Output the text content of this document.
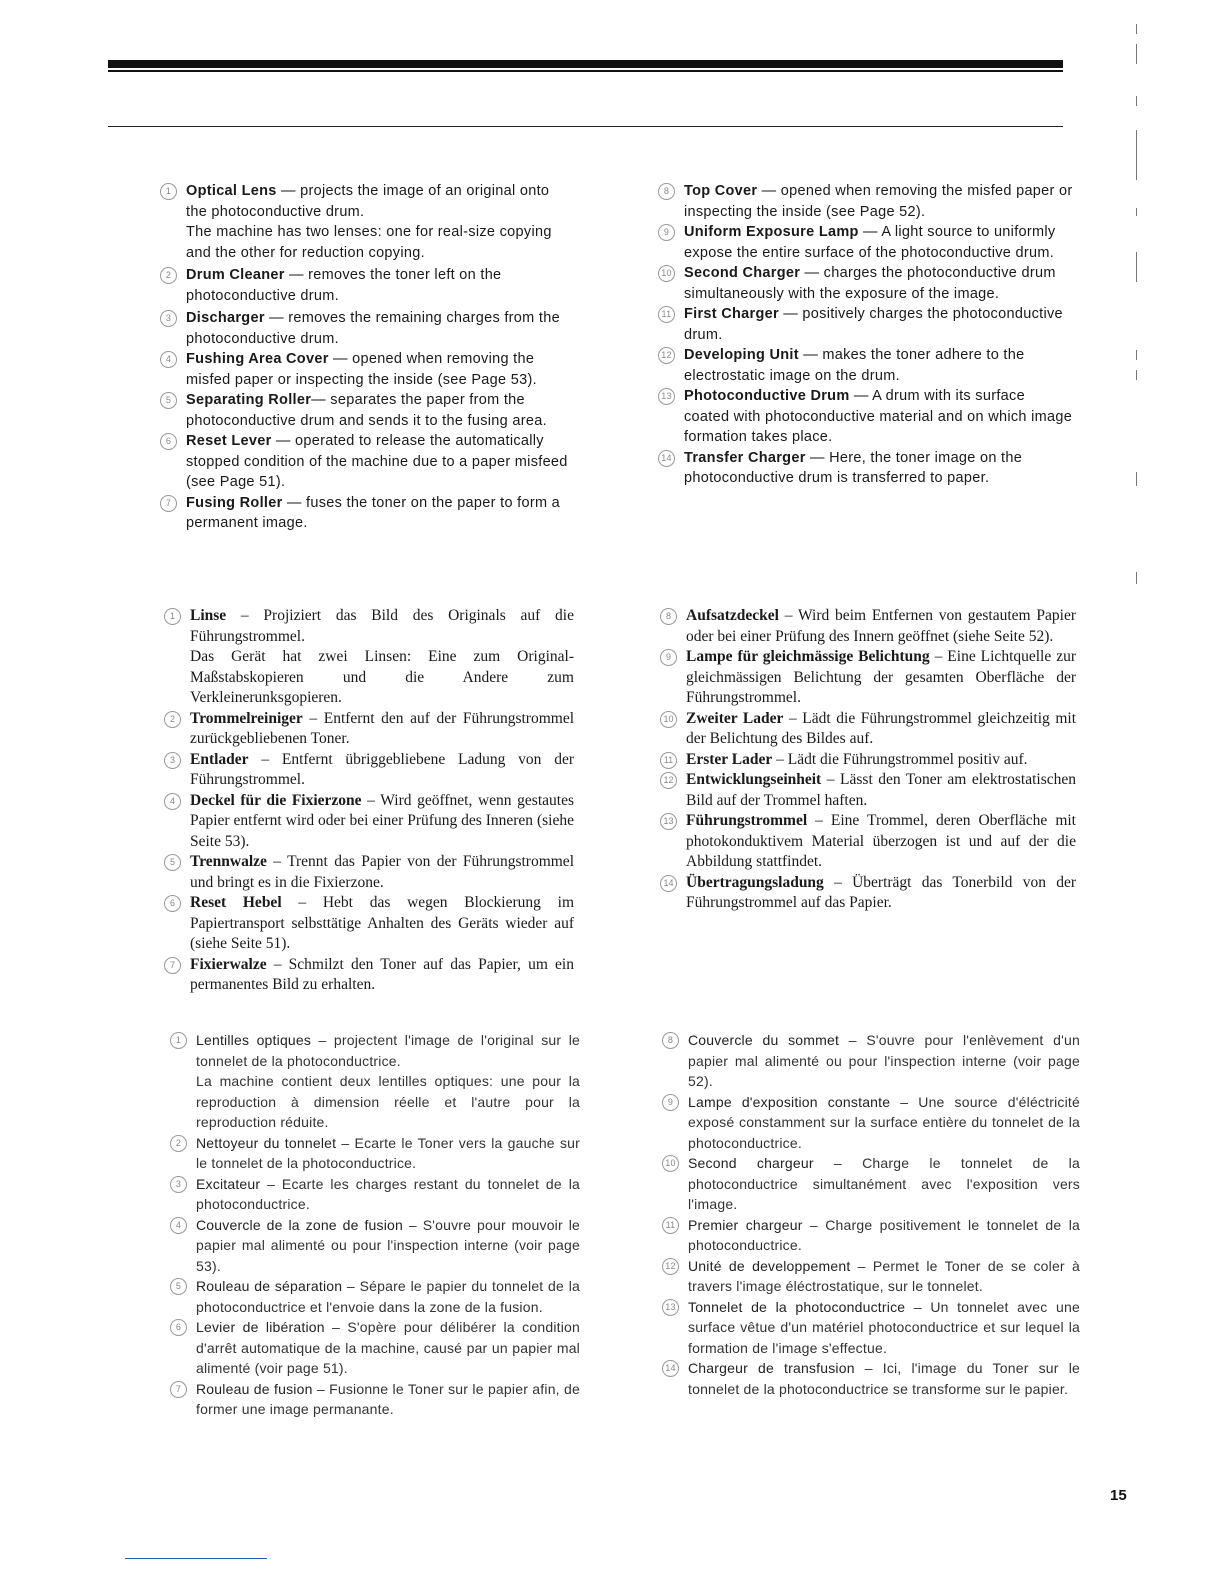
1	Optical Lens — projects the image of an original onto the photoconductive drum.
The machine has two lenses: one for real-size copying and the other for reduction copying.
2	Drum Cleaner — removes the toner left on the photoconductive drum.
3	Discharger — removes the remaining charges from the photoconductive drum.
4	Fushing Area Cover — opened when removing the misfed paper or inspecting the inside (see Page 53).
5	Separating Roller— separates the paper from the photoconductive drum and sends it to the fusing area.
6	Reset Lever — operated to release the automatically stopped condition of the machine due to a paper misfeed (see Page 51).
7	Fusing Roller — fuses the toner on the paper to form a permanent image.
8	Top Cover — opened when removing the misfed paper or inspecting the inside (see Page 52).
9	Uniform Exposure Lamp — A light source to uniformly expose the entire surface of the photoconductive drum.
10 Second Charger — charges the photoconductive drum simultaneously with the exposure of the image.
11 First Charger — positively charges the photoconductive drum.
12 Developing Unit — makes the toner adhere to the electrostatic image on the drum.
13 Photoconductive Drum — A drum with its surface coated with photoconductive material and on which image formation takes place.
14 Transfer Charger — Here, the toner image on the photoconductive drum is transferred to paper.
1 Linse – Projiziert das Bild des Originals auf die Führungstrommel.
Das Gerät hat zwei Linsen: Eine zum Original-Maßstabskopieren und die Andere zum Verkleinerunksgopieren.
2 Trommelreiniger – Entfernt den auf der Führungstrommel zurückgebliebenen Toner.
3 Entlader – Entfernt übriggebliebene Ladung von der Führungstrommel.
4 Deckel für die Fixierzone – Wird geöffnet, wenn gestautes Papier entfernt wird oder bei einer Prüfung des Inneren (siehe Seite 53).
5 Trennwalze – Trennt das Papier von der Führungstrommel und bringt es in die Fixierzone.
6 Reset Hebel – Hebt das wegen Blockierung im Papiertransport selbsttätige Anhalten des Geräts wieder auf (siehe Seite 51).
7 Fixierwalze – Schmilzt den Toner auf das Papier, um ein permanentes Bild zu erhalten.
8 Aufsatzdeckel – Wird beim Entfernen von gestautem Papier oder bei einer Prüfung des Innern geöffnet (siehe Seite 52).
9 Lampe für gleichmässige Belichtung – Eine Lichtquelle zur gleichmässigen Belichtung der gesamten Oberfläche der Führungstrommel.
10 Zweiter Lader – Lädt die Führungstrommel gleichzeitig mit der Belichtung des Bildes auf.
11 Erster Lader – Lädt die Führungstrommel positiv auf.
12 Entwicklungseinheit – Lässt den Toner am elektrostatischen Bild auf der Trommel haften.
13 Führungstrommel – Eine Trommel, deren Oberfläche mit photokonduktivem Material überzogen ist und auf der die Abbildung stattfindet.
14 Übertragungsladung – Überträgt das Tonerbild von der Führungstrommel auf das Papier.
1	Lentilles optiques – projectent l'image de l'original sur le tonnelet de la photoconductrice.
La machine contient deux lentilles optiques: une pour la reproduction à dimension réelle et l'autre pour la reproduction réduite.
2	Nettoyeur du tonnelet – Ecarte le Toner vers la gauche sur le tonnelet de la photoconductrice.
3	Excitateur – Ecarte les charges restant du tonnelet de la photoconductrice.
4	Couvercle de la zone de fusion – S'ouvre pour mouvoir le papier mal alimenté ou pour l'inspection interne (voir page 53).
5	Rouleau de séparation – Sépare le papier du tonnelet de la photoconductrice et l'envoie dans la zone de la fusion.
6	Levier de libération – S'opère pour délibérer la condition d'arrêt automatique de la machine, causé par un papier mal alimenté (voir page 51).
7	Rouleau de fusion – Fusionne le Toner sur le papier afin, de former une image permanante.
8	Couvercle du sommet – S'ouvre pour l'enlèvement d'un papier mal alimenté ou pour l'inspection interne (voir page 52).
9	Lampe d'exposition constante – Une source d'éléctricité exposé constamment sur la surface entière du tonnelet de la photoconductrice.
10 Second chargeur – Charge le tonnelet de la photoconductrice simultanément avec l'exposition vers l'image.
11 Premier chargeur – Charge positivement le tonnelet de la photoconductrice.
12 Unité de developpement – Permet le Toner de se coler à travers l'image éléctrostatique, sur le tonnelet.
13 Tonnelet de la photoconductrice – Un tonnelet avec une surface vêtue d'un matériel photoconductrice et sur lequel la formation de l'image s'effectue.
14 Chargeur de transfusion – Ici, l'image du Toner sur le tonnelet de la photoconductrice se transforme sur le papier.
15
